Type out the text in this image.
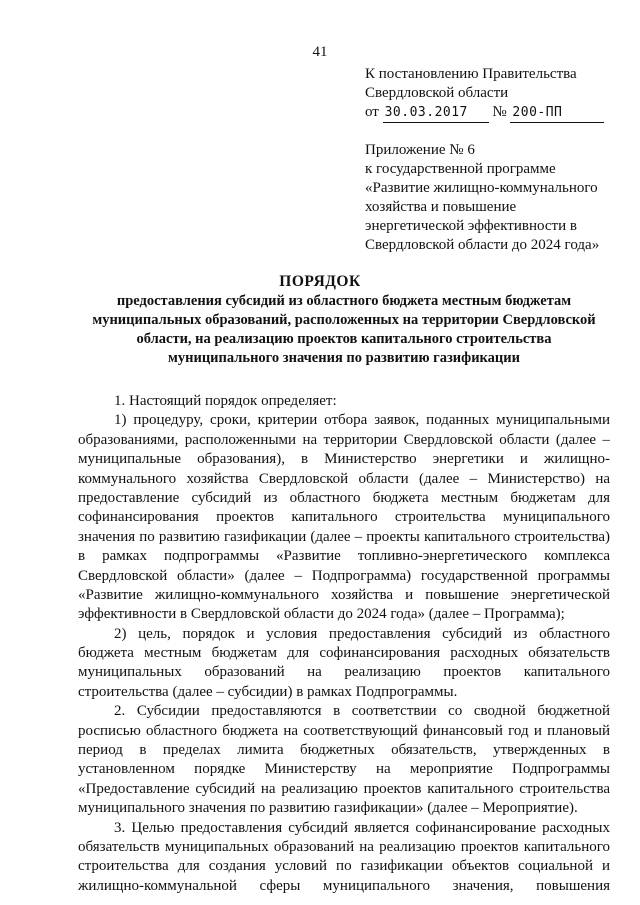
41
К постановлению Правительства
Свердловской области
от 30.03.2017 № 200-ПП
Приложение № 6
к государственной программе
«Развитие жилищно-коммунального
хозяйства и повышение
энергетической эффективности в
Свердловской области до 2024 года»
ПОРЯДОК
предоставления субсидий из областного бюджета местным бюджетам
муниципальных образований, расположенных на территории Свердловской
области, на реализацию проектов капитального строительства
муниципального значения по развитию газификации
1. Настоящий порядок определяет:
1) процедуру, сроки, критерии отбора заявок, поданных муниципальными
образованиями, расположенными на территории Свердловской области (далее –
муниципальные образования), в Министерство энергетики и жилищно-
коммунального хозяйства Свердловской области (далее – Министерство) на
предоставление субсидий из областного бюджета местным бюджетам для
софинансирования проектов капитального строительства муниципального
значения по развитию газификации (далее – проекты капитального строительства)
в рамках подпрограммы «Развитие топливно-энергетического комплекса
Свердловской области» (далее – Подпрограмма) государственной программы
«Развитие жилищно-коммунального хозяйства и повышение энергетической
эффективности в Свердловской области до 2024 года» (далее – Программа);
2) цель, порядок и условия предоставления субсидий из областного
бюджета местным бюджетам для софинансирования расходных обязательств
муниципальных образований на реализацию проектов капитального
строительства (далее – субсидии) в рамках Подпрограммы.
2. Субсидии предоставляются в соответствии со сводной бюджетной
росписью областного бюджета на соответствующий финансовый год и плановый
период в пределах лимита бюджетных обязательств, утвержденных в
установленном порядке Министерству на мероприятие Подпрограммы
«Предоставление субсидий на реализацию проектов капитального строительства
муниципального значения по развитию газификации» (далее – Мероприятие).
3. Целью предоставления субсидий является софинансирование расходных
обязательств муниципальных образований на реализацию проектов капитального
строительства для создания условий по газификации объектов социальной и
жилищно-коммунальной сферы муниципального значения, повышения
